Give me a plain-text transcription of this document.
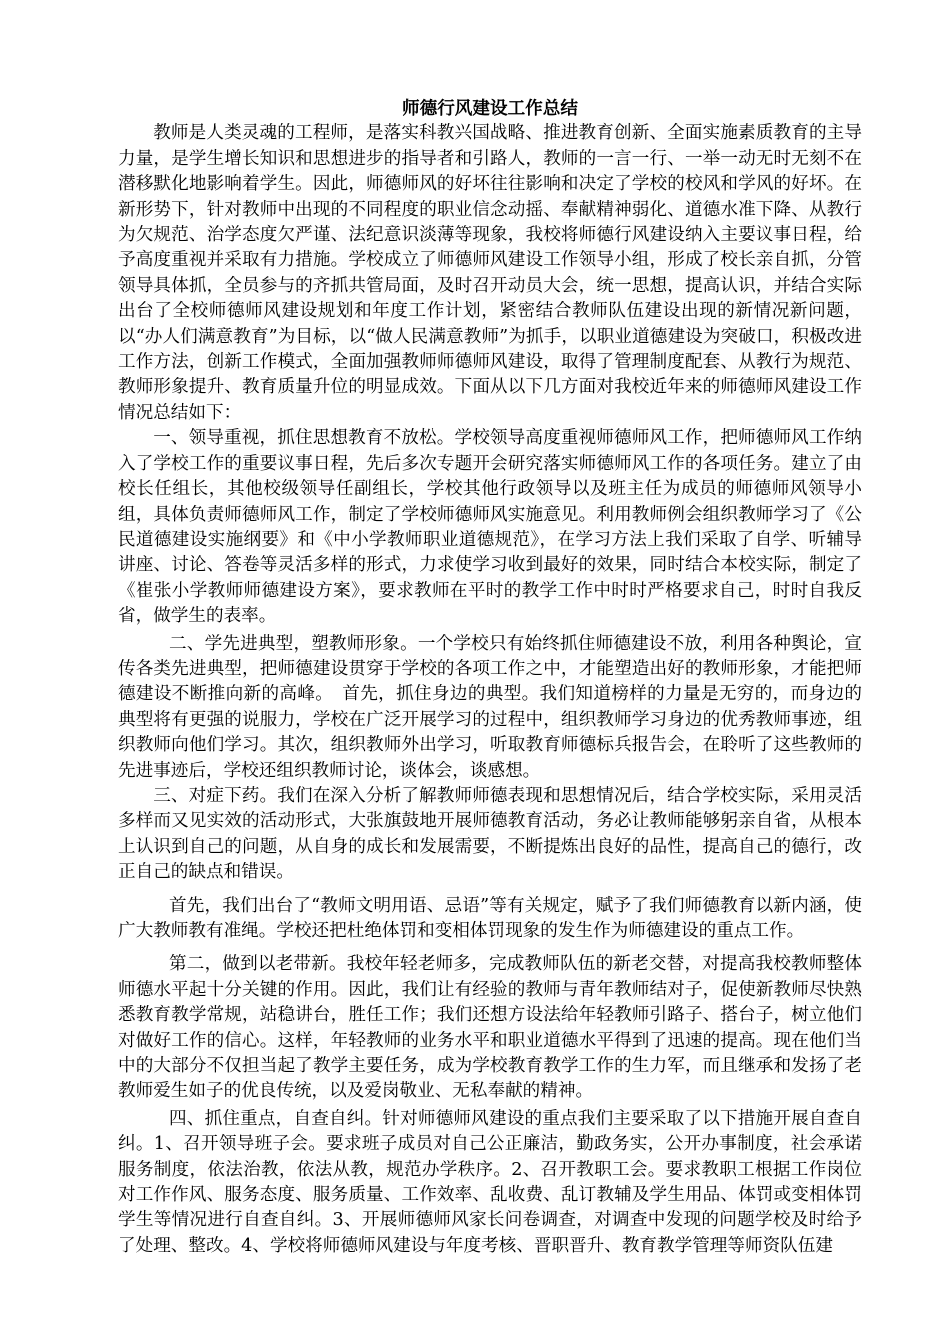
师德行风建设工作总结

教师是人类灵魂的工程师，是落实科教兴国战略、推进教育创新、全面实施素质教育的主导力量，是学生增长知识和思想进步的指导者和引路人，教师的一言一行、一举一动无时无刻不在潜移默化地影响着学生。因此，师德师风的好坏往往影响和决定了学校的校风和学风的好坏。在新形势下，针对教师中出现的不同程度的职业信念动摇、奉献精神弱化、道德水准下降、从教行为欠规范、治学态度欠严谨、法纪意识淡薄等现象，我校将师德行风建设纳入主要议事日程，给予高度重视并采取有力措施。学校成立了师德师风建设工作领导小组，形成了校长亲自抓，分管领导具体抓，全员参与的齐抓共管局面，及时召开动员大会，统一思想，提高认识，并结合实际出台了全校师德师风建设规划和年度工作计划，紧密结合教师队伍建设出现的新情况新问题，以“办人们满意教育”为目标，以“做人民满意教师”为抓手，以职业道德建设为突破口，积极改进工作方法，创新工作模式，全面加强教师师德师风建设，取得了管理制度配套、从教行为规范、教师形象提升、教育质量升位的明显成效。下面从以下几方面对我校近年来的师德师风建设工作情况总结如下：

一、领导重视，抓住思想教育不放松。学校领导高度重视师德师风工作，把师德师风工作纳入了学校工作的重要议事日程，先后多次专题开会研究落实师德师风工作的各项任务。建立了由校长任组长，其他校级领导任副组长，学校其他行政领导以及班主任为成员的师德师风领导小组，具体负责师德师风工作，制定了学校师德师风实施意见。利用教师例会组织教师学习了《公民道德建设实施纲要》和《中小学教师职业道德规范》，在学习方法上我们采取了自学、听辅导讲座、讨论、答卷等灵活多样的形式，力求使学习收到最好的效果，同时结合本校实际，制定了《崔张小学教师师德建设方案》，要求教师在平时的教学工作中时时严格要求自己，时时自我反省，做学生的表率。

二、学先进典型，塑教师形象。一个学校只有始终抓住师德建设不放，利用各种舆论，宣传各类先进典型，把师德建设贯穿于学校的各项工作之中，才能塑造出好的教师形象，才能把师德建设不断推向新的高峰。　首先，抓住身边的典型。我们知道榜样的力量是无穷的，而身边的典型将有更强的说服力，学校在广泛开展学习的过程中，组织教师学习身边的优秀教师事迹，组织教师向他们学习。其次，组织教师外出学习，听取教育师德标兵报告会，在聆听了这些教师的先进事迹后，学校还组织教师讨论，谈体会，谈感想。

三、对症下药。我们在深入分析了解教师师德表现和思想情况后，结合学校实际，采用灵活多样而又见实效的活动形式，大张旗鼓地开展师德教育活动，务必让教师能够躬亲自省，从根本上认识到自己的问题，从自身的成长和发展需要，不断提炼出良好的品性，提高自己的德行，改正自己的缺点和错误。

首先，我们出台了“教师文明用语、忌语”等有关规定，赋予了我们师德教育以新内涵，使广大教师教有准绳。学校还把杜绝体罚和变相体罚现象的发生作为师德建设的重点工作。

第二，做到以老带新。我校年轻老师多，完成教师队伍的新老交替，对提高我校教师整体师德水平起十分关键的作用。因此，我们让有经验的教师与青年教师结对子，促使新教师尽快熟悉教育教学常规，站稳讲台，胜任工作；我们还想方设法给年轻教师引路子、搭台子，树立他们对做好工作的信心。这样，年轻教师的业务水平和职业道德水平得到了迅速的提高。现在他们当中的大部分不仅担当起了教学主要任务，成为学校教育教学工作的生力军，而且继承和发扬了老教师爱生如子的优良传统，以及爱岗敬业、无私奉献的精神。

四、抓住重点，自查自纠。针对师德师风建设的重点我们主要采取了以下措施开展自查自纠。1、召开领导班子会。要求班子成员对自己公正廉洁，勤政务实，公开办事制度，社会承诺服务制度，依法治教，依法从教，规范办学秩序。2、召开教职工会。要求教职工根据工作岗位对工作作风、服务态度、服务质量、工作效率、乱收费、乱订教辅及学生用品、体罚或变相体罚学生等情况进行自查自纠。3、开展师德师风家长问卷调查，对调查中发现的问题学校及时给予了处理、整改。4、学校将师德师风建设与年度考核、晋职晋升、教育教学管理等师资队伍建
